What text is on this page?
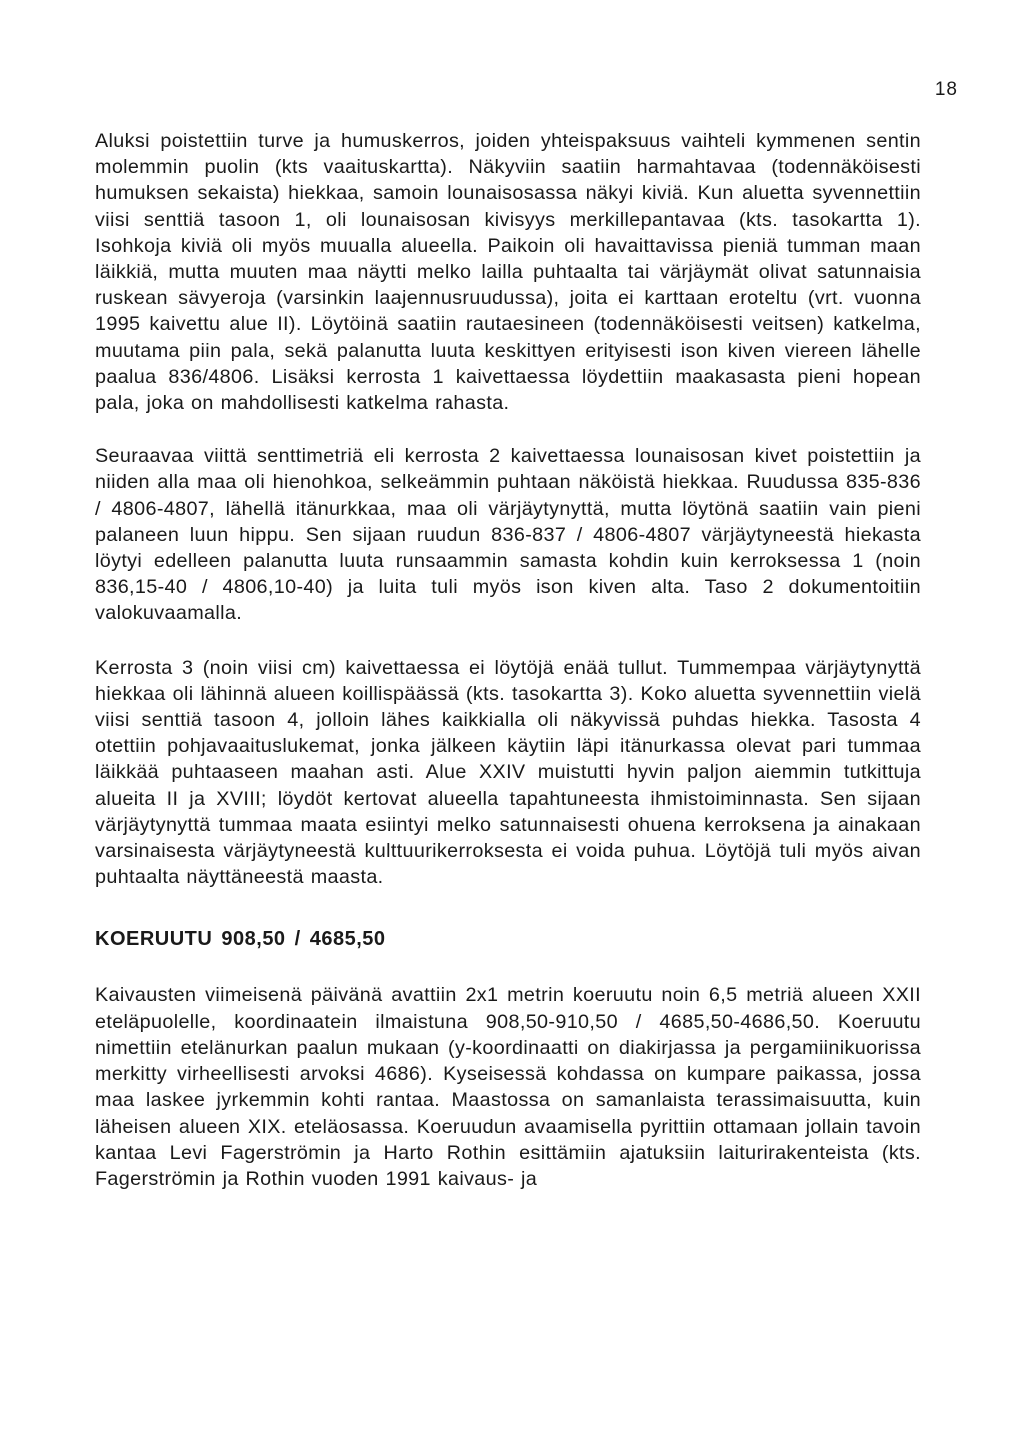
18

Aluksi poistettiin turve ja humuskerros, joiden yhteispaksuus vaihteli kymmenen sentin molemmin puolin (kts vaaituskartta). Näkyviin saatiin harmahtavaa (todennäköisesti humuksen sekaista) hiekkaa, samoin lounaisosassa näkyi kiviä. Kun aluetta syvennettiin viisi senttiä tasoon 1, oli lounaisosan kivisyys merkillepantavaa (kts. tasokartta 1). Isohkoja kiviä oli myös muualla alueella. Paikoin oli havaittavissa pieniä tumman maan läikkiä, mutta muuten maa näytti melko lailla puhtaalta tai värjäymät olivat satunnaisia ruskean sävyeroja (varsinkin laajennusruudussa), joita ei karttaan eroteltu (vrt. vuonna 1995 kaivettu alue II). Löytöinä saatiin rautaesineen (todennäköisesti veitsen) katkelma, muutama piin pala, sekä palanutta luuta keskittyen erityisesti ison kiven viereen lähelle paalua 836/4806. Lisäksi kerrosta 1 kaivettaessa löydettiin maakasasta pieni hopean pala, joka on mahdollisesti katkelma rahasta.

Seuraavaa viittä senttimetriä eli kerrosta 2 kaivettaessa lounaisosan kivet poistettiin ja niiden alla maa oli hienohkoa, selkeämmin puhtaan näköistä hiekkaa. Ruudussa 835-836 / 4806-4807, lähellä itänurkkaa, maa oli värjäytynyttä, mutta löytönä saatiin vain pieni palaneen luun hippu. Sen sijaan ruudun 836-837 / 4806-4807 värjäytyneestä hiekasta löytyi edelleen palanutta luuta runsaammin samasta kohdin kuin kerroksessa 1 (noin 836,15-40 / 4806,10-40) ja luita tuli myös ison kiven alta. Taso 2 dokumentoitiin valokuvaamalla.

Kerrosta 3 (noin viisi cm) kaivettaessa ei löytöjä enää tullut. Tummempaa värjäytynyttä hiekkaa oli lähinnä alueen koillispäässä (kts. tasokartta 3). Koko aluetta syvennettiin vielä viisi senttiä tasoon 4, jolloin lähes kaikkialla oli näkyvissä puhdas hiekka. Tasosta 4 otettiin pohjavaaituslukemat, jonka jälkeen käytiin läpi itänurkassa olevat pari tummaa läikkää puhtaaseen maahan asti. Alue XXIV muistutti hyvin paljon aiemmin tutkittuja alueita II ja XVIII; löydöt kertovat alueella tapahtuneesta ihmistoiminnasta. Sen sijaan värjäytynyttä tummaa maata esiintyi melko satunnaisesti ohuena kerroksena ja ainakaan varsinaisesta värjäytyneestä kulttuurikerroksesta ei voida puhua. Löytöjä tuli myös aivan puhtaalta näyttäneestä maasta.

KOERUUTU 908,50 / 4685,50

Kaivausten viimeisenä päivänä avattiin 2x1 metrin koeruutu noin 6,5 metriä alueen XXII eteläpuolelle, koordinaatein ilmaistuna 908,50-910,50 / 4685,50-4686,50. Koeruutu nimettiin etelänurkan paalun mukaan (y-koordinaatti on diakirjassa ja pergamiinikuorissa merkitty virheellisesti arvoksi 4686). Kyseisessä kohdassa on kumpare paikassa, jossa maa laskee jyrkemmin kohti rantaa. Maastossa on samanlaista terassimaisuutta, kuin läheisen alueen XIX. eteläosassa. Koeruudun avaamisella pyrittiin ottamaan jollain tavoin kantaa Levi Fagerströmin ja Harto Rothin esittämiin ajatuksiin laiturirakenteista (kts. Fagerströmin ja Rothin vuoden 1991 kaivaus- ja
